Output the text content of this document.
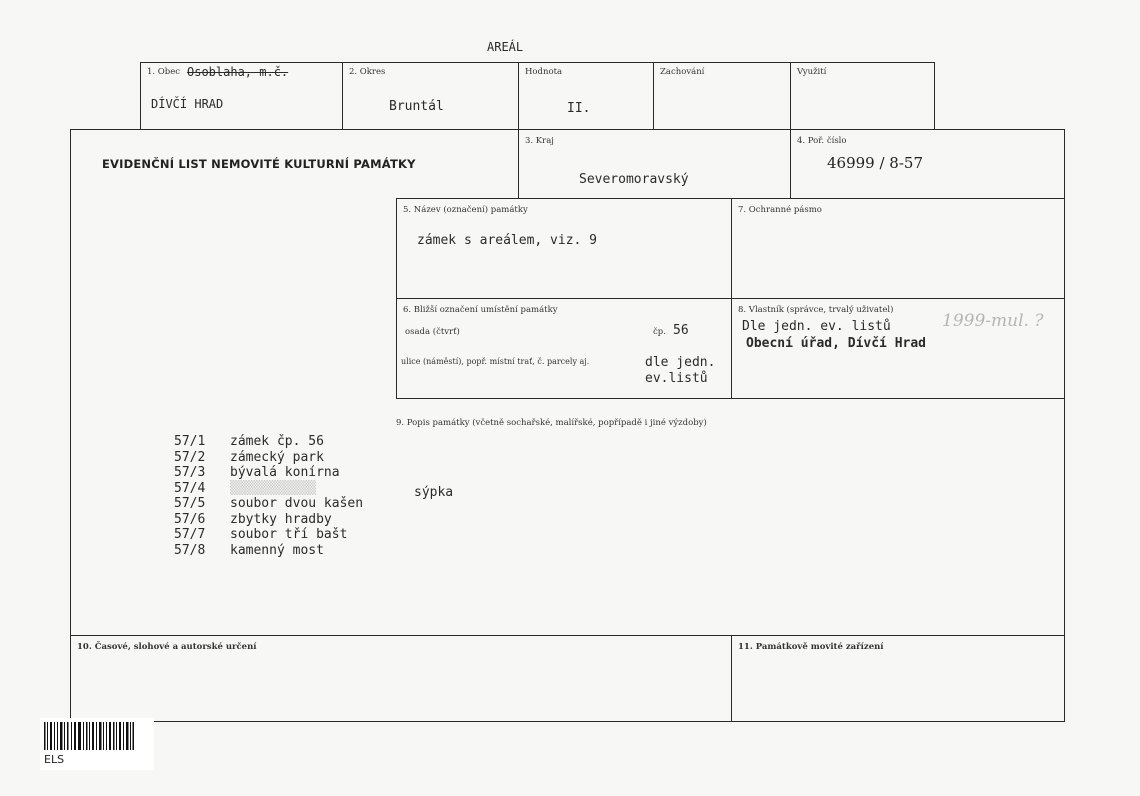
AREÁL
1. Obec Osoblaha, m.č.
DÍVČÍ HRAD
2. Okres
Bruntál
Hodnota
II.
Zachování	Využití
EVIDENČNÍ LIST NEMOVITÉ KULTURNÍ PAMÁTKY
3. Kraj
Severomoravský
4. Poř. číslo
46999 / 8-57
5. Název (označení) památky
zámek s areálem, viz. 9
7. Ochranné pásmo
6. Bližší označení umístění památky
osada (čtvrť)	čp. 56
ulice (náměstí), popř. místní trať, č. parcely aj.	dle jedn.
ev.listů
8. Vlastník (správce, trvalý uživatel)
Dle jedn. ev. listů
Obecní úřad, Dívčí Hrad
1999-mul. ?
9. Popis památky (včetně sochařské, malířské, popřípadě i jiné výzdoby)
57/1	zámek čp. 56
57/2	zámecký park
57/3	bývalá konírna
57/4	▒▒▒▒▒▒▒▒▒▒▒	sýpka
57/5	soubor dvou kašen
57/6	zbytky hradby
57/7	soubor tří bašt
57/8	kamenný most
10. Časové, slohové a autorské určení	11. Památkově movité zařízení
ELS
